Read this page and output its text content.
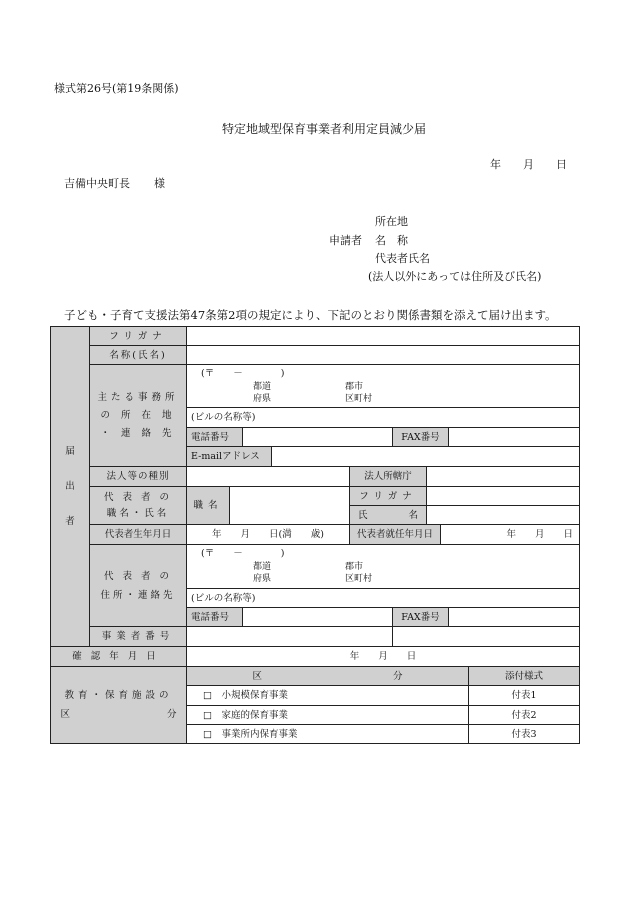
様式第26号(第19条関係)
特定地域型保育事業者利用定員減少届
年 月 日
吉備中央町長 様
所在地
申請者 名　称
代表者氏名
(法人以外にあっては住所及び氏名)
子ども・子育て支援法第47条第2項の規定により、下記のとおり関係書類を添えて届け出ます。
届
出
者
フリガナ
名称(氏名)
主たる事務所
の 所 在 地
・ 連 絡 先
(〒　　－　　　　)
都道
府県
郡市
区町村
(ビルの名称等)
電話番号	FAX番号
E-mailアドレス
法人等の種別	法人所轄庁
代 表 者 の
職名・氏名
職名
フリガナ
氏	名
代表者生年月日	年　　月　　日(満　　歳)	代表者就任年月日	年　　月　　日
代 表 者 の
住所・連絡先
(〒　　－　　　　)
都道
府県
郡市
区町村
(ビルの名称等)
電話番号	FAX番号
事業者番号
確認年月日	年　　月　　日
教育・保育施設の
区	分
区	分	添付様式
□　小規模保育事業	付表1
□　家庭的保育事業	付表2
□　事業所内保育事業	付表3
